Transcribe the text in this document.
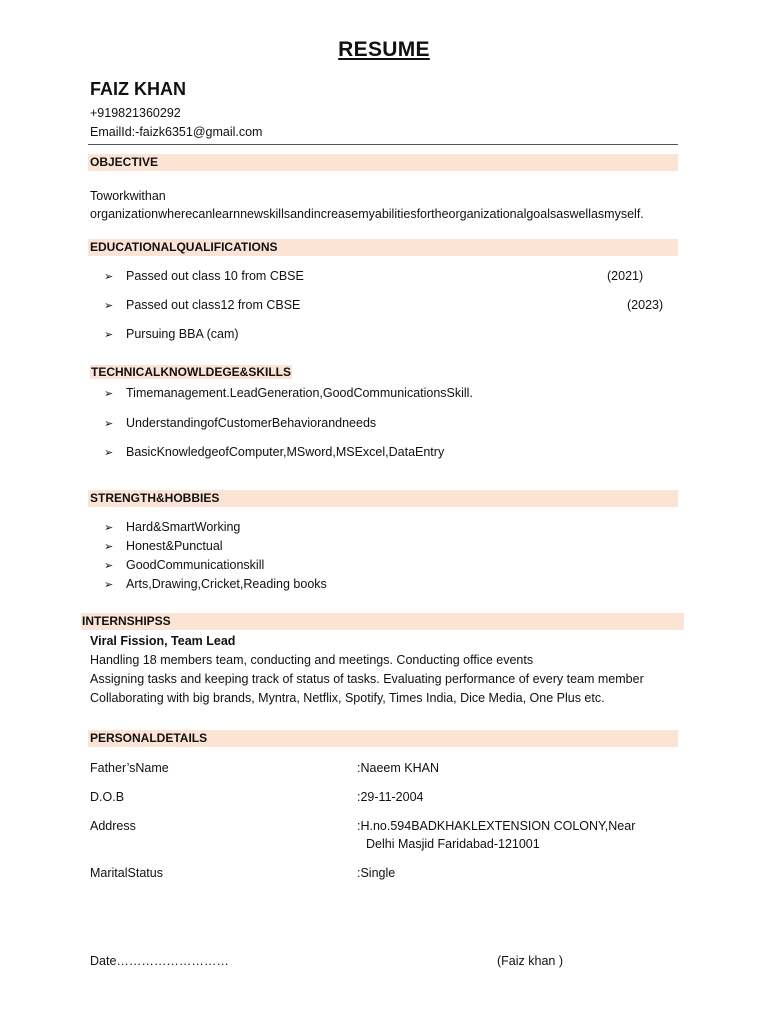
RESUME
FAIZ KHAN
+919821360292
EmailId:-faizk6351@gmail.com
OBJECTIVE
Toworkwithan
organizationwherecanlearnnewskillsandincreasemyabilitiesfortheorganizationalgoalsaswellasmyself.
EDUCATIONALQUALIFICATIONS
➢ Passed out class 10 from CBSE	(2021)
➢ Passed out class12 from CBSE	(2023)
➢ Pursuing BBA (cam)
TECHNICALKNOWLDEGE&SKILLS
➢ Timemanagement.LeadGeneration,GoodCommunicationsSkill.
➢ UnderstandingofCustomerBehaviorandneeds
➢ BasicKnowledgeofComputer,MSword,MSExcel,DataEntry
STRENGTH&HOBBIES
➢ Hard&SmartWorking
➢ Honest&Punctual
➢ GoodCommunicationskill
➢ Arts,Drawing,Cricket,Reading books
INTERNSHIPSS
Viral Fission, Team Lead
Handling 18 members team, conducting and meetings. Conducting office events
Assigning tasks and keeping track of status of tasks. Evaluating performance of every team member
Collaborating with big brands, Myntra, Netflix, Spotify, Times India, Dice Media, One Plus etc.
PERSONALDETAILS
Father’sName	:Naeem KHAN
D.O.B	:29-11-2004
Address	:H.no.594BADKHAKLEXTENSION COLONY,Near
Delhi Masjid Faridabad-121001
MaritalStatus	:Single
Date………………………	(Faiz khan )
